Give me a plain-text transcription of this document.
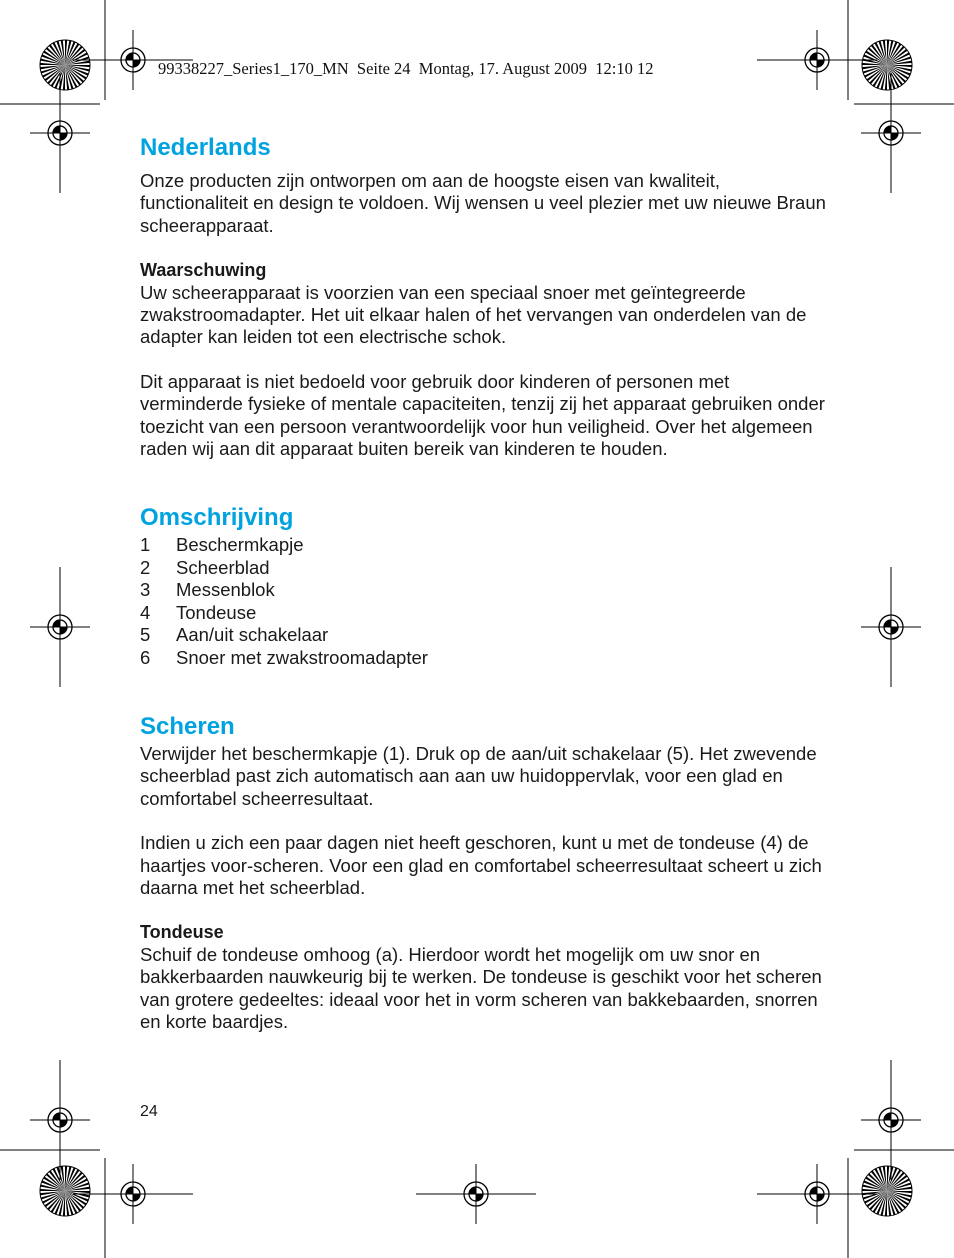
99338227_Series1_170_MN  Seite 24  Montag, 17. August 2009  12:10 12
Nederlands

Onze producten zijn ontworpen om aan de hoogste eisen van kwaliteit, functionaliteit en design te voldoen. Wij wensen u veel plezier met uw nieuwe Braun scheerapparaat.

Waarschuwing

Uw scheerapparaat is voorzien van een speciaal snoer met geïntegreerde zwakstroomadapter. Het uit elkaar halen of het vervangen van onderdelen van de adapter kan leiden tot een electrische schok.

Dit apparaat is niet bedoeld voor gebruik door kinderen of personen met verminderde fysieke of mentale capaciteiten, tenzij zij het apparaat gebruiken onder toezicht van een persoon verantwoordelijk voor hun veiligheid. Over het algemeen raden wij aan dit apparaat buiten bereik van kinderen te houden.

Omschrijving
1	Beschermkapje
2	Scheerblad
3	Messenblok
4	Tondeuse
5	Aan/uit schakelaar
6	Snoer met zwakstroomadapter
Scheren

Verwijder het beschermkapje (1). Druk op de aan/uit schakelaar (5). Het zwevende scheerblad past zich automatisch aan aan uw huidoppervlak, voor een glad en comfortabel scheerresultaat.

Indien u zich een paar dagen niet heeft geschoren, kunt u met de tondeuse (4) de haartjes voor-scheren. Voor een glad en comfortabel scheerresultaat scheert u zich daarna met het scheerblad.

Tondeuse

Schuif de tondeuse omhoog (a). Hierdoor wordt het mogelijk om uw snor en bakkerbaarden nauwkeurig bij te werken. De tondeuse is geschikt voor het scheren van grotere gedeeltes: ideaal voor het in vorm scheren van bakkebaarden, snorren en korte baardjes.

24
